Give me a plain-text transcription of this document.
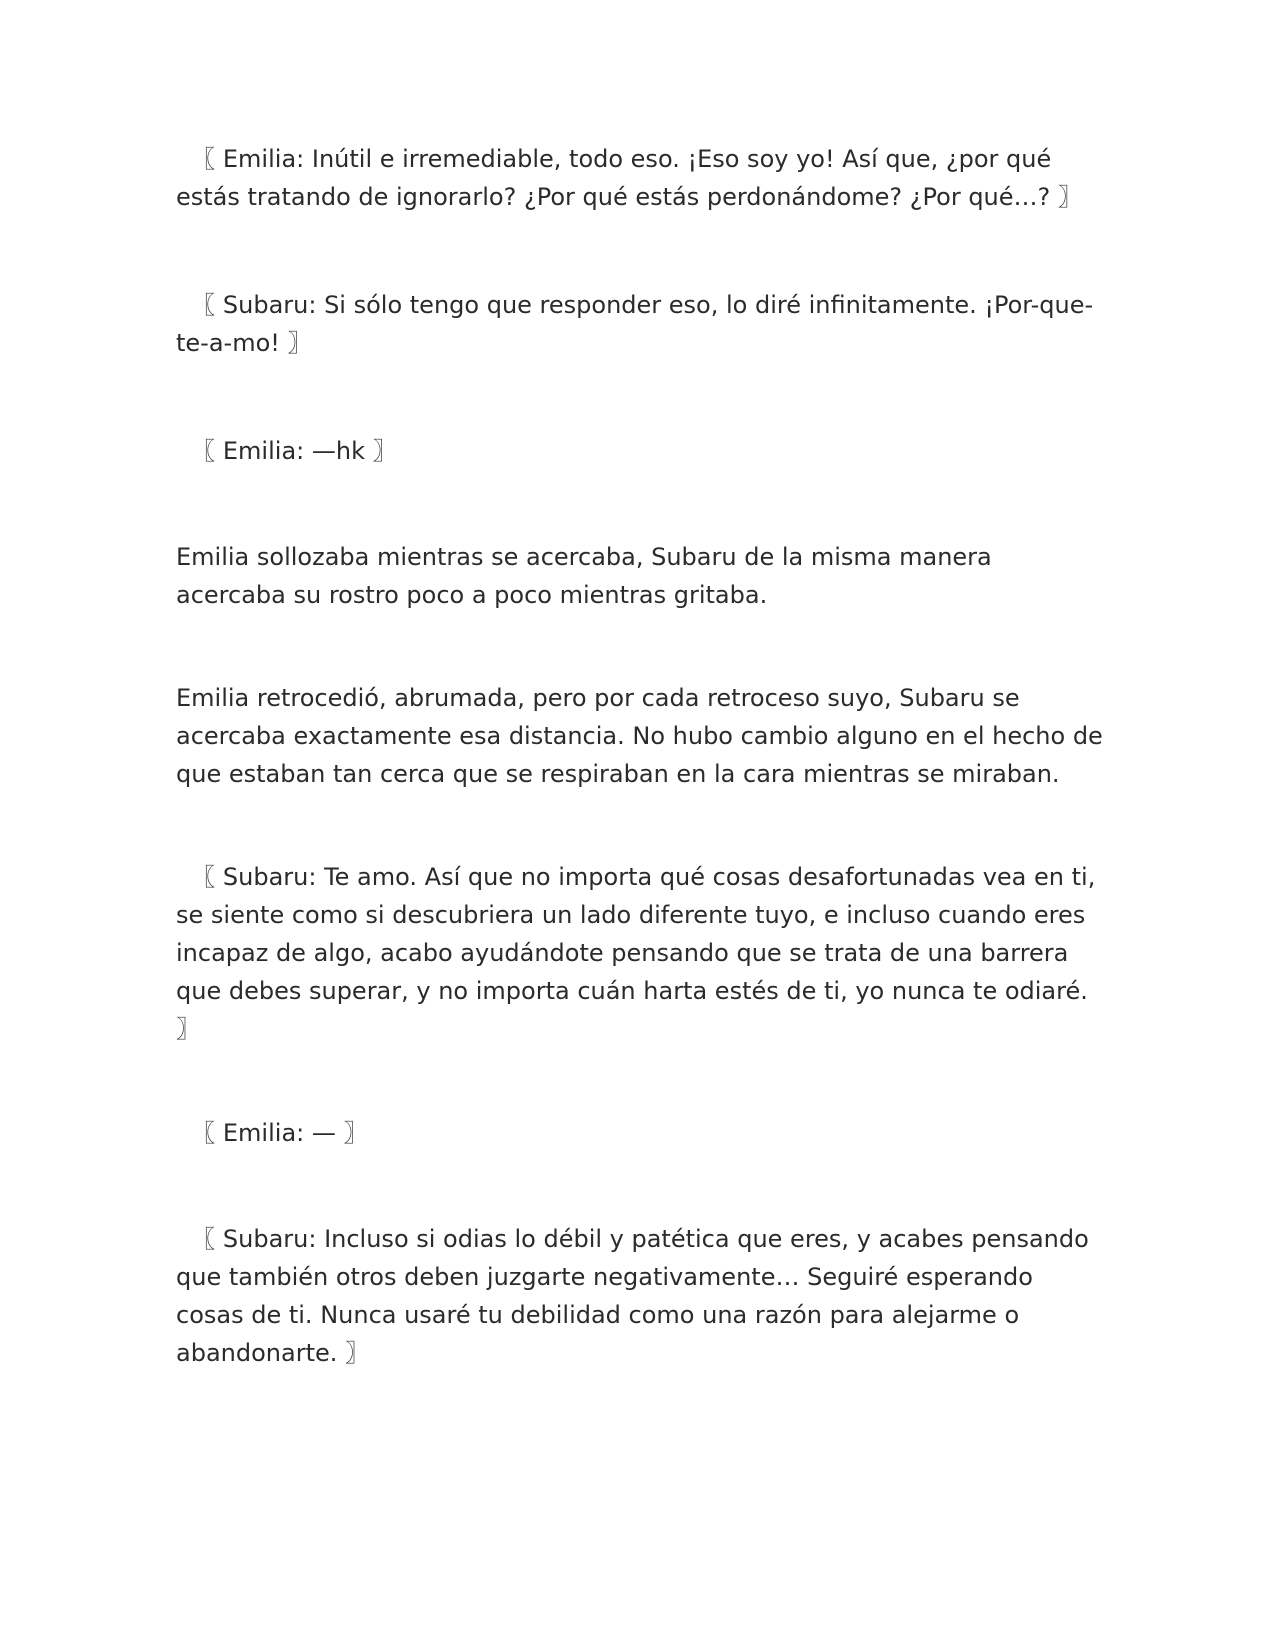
〖 Emilia: Inútil e irremediable, todo eso. ¡Eso soy yo! Así que, ¿por qué estás tratando de ignorarlo? ¿Por qué estás perdonándome? ¿Por qué…? 〗

〖 Subaru: Si sólo tengo que responder eso, lo diré infinitamente. ¡Por-que-te-a-mo! 〗

〖 Emilia: —hk 〗

Emilia sollozaba mientras se acercaba, Subaru de la misma manera acercaba su rostro poco a poco mientras gritaba.

Emilia retrocedió, abrumada, pero por cada retroceso suyo, Subaru se acercaba exactamente esa distancia. No hubo cambio alguno en el hecho de que estaban tan cerca que se respiraban en la cara mientras se miraban.

〖 Subaru: Te amo. Así que no importa qué cosas desafortunadas vea en ti, se siente como si descubriera un lado diferente tuyo, e incluso cuando eres incapaz de algo, acabo ayudándote pensando que se trata de una barrera que debes superar, y no importa cuán harta estés de ti, yo nunca te odiaré. 〗

〖 Emilia: — 〗

〖 Subaru: Incluso si odias lo débil y patética que eres, y acabes pensando que también otros deben juzgarte negativamente… Seguiré esperando cosas de ti. Nunca usaré tu debilidad como una razón para alejarme o abandonarte. 〗
